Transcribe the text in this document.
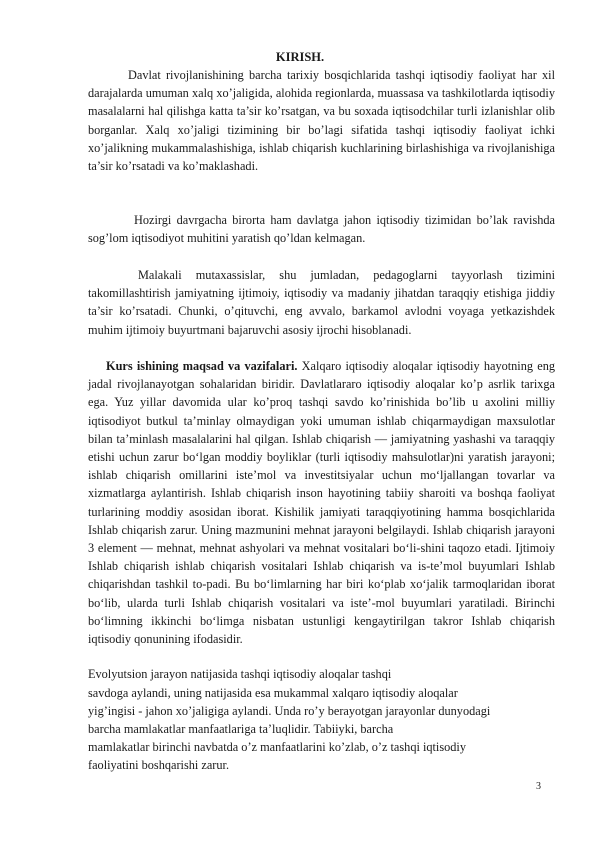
KIRISH.

Davlat rivojlanishining barcha tarixiy bosqichlarida tashqi iqtisodiy faoliyat har xil darajalarda umuman xalq xo’jaligida, alohida regionlarda, muassasa va tashkilotlarda iqtisodiy masalalarni hal qilishga katta ta’sir ko’rsatgan, va bu soxada iqtisodchilar turli izlanishlar olib borganlar. Xalq xo’jaligi tizimining bir bo’lagi sifatida tashqi iqtisodiy faoliyat ichki xo’jalikning mukammalashishiga, ishlab chiqarish kuchlarining birlashishiga va rivojlanishiga ta’sir ko’rsatadi va ko’maklashadi.

Hozirgi davrgacha birorta ham davlatga jahon iqtisodiy tizimidan bo’lak ravishda sog’lom iqtisodiyot muhitini yaratish qo’ldan kelmagan.

Malakali mutaxassislar, shu jumladan, pedagoglarni tayyorlash tizimini takomillashtirish jamiyatning ijtimoiy, iqtisodiy va madaniy jihatdan taraqqiy etishiga jiddiy ta’sir ko’rsatadi. Chunki, o’qituvchi, eng avvalo, barkamol avlodni voyaga yetkazishdek muhim ijtimoiy buyurtmani bajaruvchi asosiy ijrochi hisoblanadi.

Kurs ishining maqsad va vazifalari. Xalqaro iqtisodiy aloqalar iqtisodiy hayotning eng jadal rivojlanayotgan sohalaridan biridir. Davlatlararo iqtisodiy aloqalar ko’p asrlik tarixga ega. Yuz yillar davomida ular ko’proq tashqi savdo ko’rinishida bo’lib u axolini milliy iqtisodiyot butkul ta’minlay olmaydigan yoki umuman ishlab chiqarmaydigan maxsulotlar bilan ta’minlash masalalarini hal qilgan. Ishlab chiqarish — jamiyatning yashashi va taraqqiy etishi uchun zarur bo‘lgan moddiy boyliklar (turli iqtisodiy mahsulotlar)ni yaratish jarayoni; ishlab chiqarish omillarini iste’mol va investitsiyalar uchun mo‘ljallangan tovarlar va xizmatlarga aylantirish. Ishlab chiqarish inson hayotining tabiiy sharoiti va boshqa faoliyat turlarining moddiy asosidan iborat. Kishilik jamiyati taraqqiyotining hamma bosqichlarida Ishlab chiqarish zarur. Uning mazmunini mehnat jarayoni belgilaydi. Ishlab chiqarish jarayoni 3 element — mehnat, mehnat ashyolari va mehnat vositalari bo‘li-shini taqozo etadi. Ijtimoiy Ishlab chiqarish ishlab chiqarish vositalari Ishlab chiqarish va is-te’mol buyumlari Ishlab chiqarishdan tashkil to-padi. Bu bo‘limlarning har biri ko‘plab xo‘jalik tarmoqlaridan iborat bo‘lib, ularda turli Ishlab chiqarish vositalari va iste’-mol buyumlari yaratiladi. Birinchi bo‘limning ikkinchi bo‘limga nisbatan ustunligi kengaytirilgan takror Ishlab chiqarish iqtisodiy qonunining ifodasidir.

Evolyutsion jarayon natijasida tashqi iqtisodiy aloqalar tashqi

savdoga aylandi, uning natijasida esa mukammal xalqaro iqtisodiy aloqalar

yig’ingisi - jahon xo’jaligiga aylandi. Unda ro’y berayotgan jarayonlar dunyodagi

barcha mamlakatlar manfaatlariga ta’luqlidir. Tabiiyki, barcha

mamlakatlar birinchi navbatda o’z manfaatlarini ko’zlab, o’z tashqi iqtisodiy

faoliyatini boshqarishi zarur.

3
